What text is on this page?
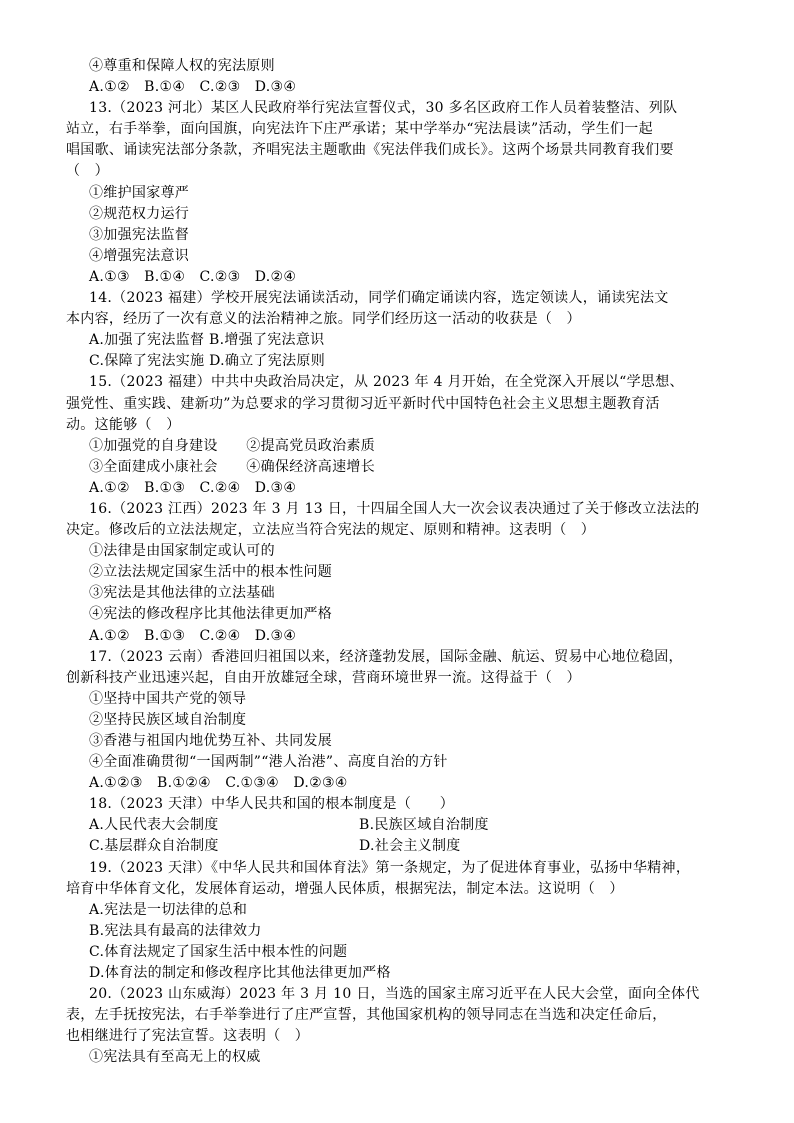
④尊重和保障人权的宪法原则
A.①②　B.①④　C.②③　D.③④
13.（2023 河北）某区人民政府举行宪法宣誓仪式，30 多名区政府工作人员着装整洁、列队
站立，右手举拳，面向国旗，向宪法许下庄严承诺；某中学举办“宪法晨读”活动，学生们一起
唱国歌、诵读宪法部分条款，齐唱宪法主题歌曲《宪法伴我们成长》。这两个场景共同教育我们要
（　）
①维护国家尊严
②规范权力运行
③加强宪法监督
④增强宪法意识
A.①③　B.①④　C.②③　D.②④
14.（2023 福建）学校开展宪法诵读活动，同学们确定诵读内容，选定领读人，诵读宪法文
本内容，经历了一次有意义的法治精神之旅。同学们经历这一活动的收获是（　）
A.加强了宪法监督 B.增强了宪法意识
C.保障了宪法实施 D.确立了宪法原则
15.（2023 福建）中共中央政治局决定，从 2023 年 4 月开始，在全党深入开展以“学思想、
强党性、重实践、建新功”为总要求的学习贯彻习近平新时代中国特色社会主义思想主题教育活
动。这能够（　）
①加强党的自身建设　　②提高党员政治素质
③全面建成小康社会　　④确保经济高速增长
A.①②　B.①③　C.②④　D.③④
16.（2023 江西）2023 年 3 月 13 日，十四届全国人大一次会议表决通过了关于修改立法法的
决定。修改后的立法法规定，立法应当符合宪法的规定、原则和精神。这表明（　）
①法律是由国家制定或认可的
②立法法规定国家生活中的根本性问题
③宪法是其他法律的立法基础
④宪法的修改程序比其他法律更加严格
A.①②　B.①③　C.②④　D.③④
17.（2023 云南）香港回归祖国以来，经济蓬勃发展，国际金融、航运、贸易中心地位稳固，
创新科技产业迅速兴起，自由开放雄冠全球，营商环境世界一流。这得益于（　）
①坚持中国共产党的领导
②坚持民族区域自治制度
③香港与祖国内地优势互补、共同发展
④全面准确贯彻“一国两制”“港人治港”、高度自治的方针
A.①②③　B.①②④　C.①③④　D.②③④
18.（2023 天津）中华人民共和国的根本制度是（　　）
A.人民代表大会制度	B.民族区域自治制度
C.基层群众自治制度	D.社会主义制度
19.（2023 天津）《中华人民共和国体育法》第一条规定，为了促进体育事业，弘扬中华精神，
培育中华体育文化，发展体育运动，增强人民体质，根据宪法，制定本法。这说明（　）
A.宪法是一切法律的总和
B.宪法具有最高的法律效力
C.体育法规定了国家生活中根本性的问题
D.体育法的制定和修改程序比其他法律更加严格
20.（2023 山东威海）2023 年 3 月 10 日，当选的国家主席习近平在人民大会堂，面向全体代
表，左手抚按宪法，右手举拳进行了庄严宣誓，其他国家机构的领导同志在当选和决定任命后，
也相继进行了宪法宣誓。这表明（　）
①宪法具有至高无上的权威
